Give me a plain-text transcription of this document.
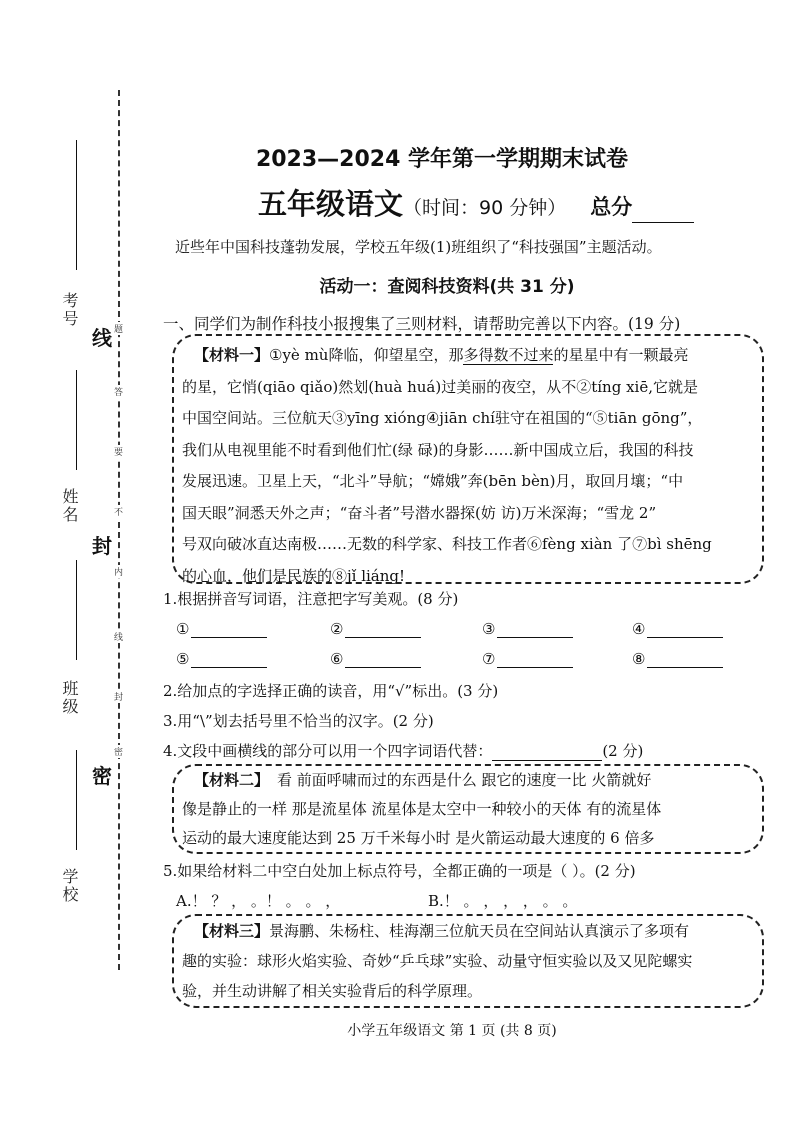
考号
姓名
班级
学校
线
封
密
题
答
要
不
内
线
封
密
2023—2024 学年第一学期期末试卷
五年级语文（时间：90 分钟） 总分
近些年中国科技蓬勃发展，学校五年级(1)班组织了“科技强国”主题活动。
活动一：查阅科技资料(共 31 分)
一、同学们为制作科技小报搜集了三则材料，请帮助完善以下内容。(19 分)
【材料一】①yè mù降临，仰望星空，那多得数不过来的星星中有一颗最亮
的星，它悄(qiāo qiǎo)然划(huà huá)过美丽的夜空，从不②tíng xiē,它就是
中国空间站。三位航天③yīng xióng④jiān chí驻守在祖国的“⑤tiān gōng”，
我们从电视里能不时看到他们忙(绿 碌)的身影……新中国成立后，我国的科技
发展迅速。卫星上天，“北斗”导航；“嫦娥”奔(bēn bèn)月，取回月壤；“中
国天眼”洞悉天外之声；“奋斗者”号潜水器探(妨 访)万米深海；“雪龙 2”
号双向破冰直达南极……无数的科学家、科技工作者⑥fèng xiàn 了⑦bì shēng
的心血，他们是民族的⑧jǐ liáng!
1.根据拼音写词语，注意把字写美观。(8 分)
①	②	③	④
⑤	⑥	⑦	⑧
2.给加点的字选择正确的读音，用“√”标出。(3 分)
3.用“\”划去括号里不恰当的汉字。(2 分)
4.文段中画横线的部分可以用一个四字词语代替：	(2 分)
【材料二】 看 前面呼啸而过的东西是什么 跟它的速度一比 火箭就好
像是静止的一样 那是流星体 流星体是太空中一种较小的天体 有的流星体
运动的最大速度能达到 25 万千米每小时 是火箭运动最大速度的 6 倍多
5.如果给材料二中空白处加上标点符号，全都正确的一项是（ ）。(2 分)
A.！ ？ ， 。！ 。 。 ，	B.！ 。 ， ， ， 。 。
【材料三】景海鹏、朱杨柱、桂海潮三位航天员在空间站认真演示了多项有
趣的实验：球形火焰实验、奇妙“乒乓球”实验、动量守恒实验以及又见陀螺实
验，并生动讲解了相关实验背后的科学原理。
小学五年级语文 第 1 页 (共 8 页)
